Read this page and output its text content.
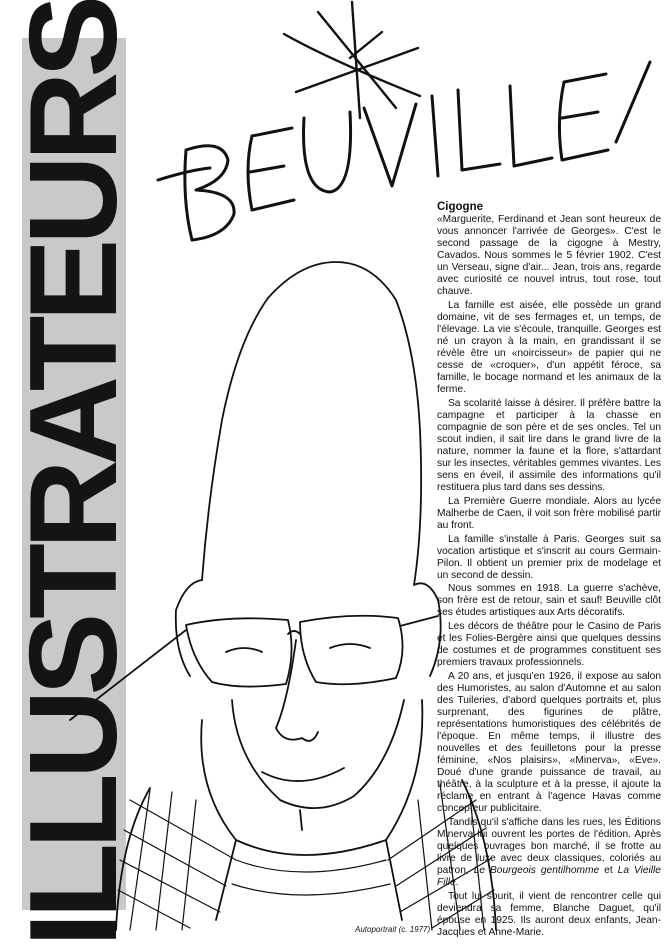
ILLUSTRATEURS	Cigogne

«Marguerite, Ferdinand et Jean sont heureux de vous annoncer l'arrivée de Georges». C'est le second passage de la cigogne à Mestry, Cavados. Nous sommes le 5 février 1902. C'est un Verseau, signe d'air... Jean, trois ans, regarde avec curiosité ce nouvel intrus, tout rose, tout chauve.

La famille est aisée, elle possède un grand domaine, vit de ses fermages et, un temps, de l'élevage. La vie s'écoule, tranquille. Georges est né un crayon à la main, en grandissant il se révèle être un «noircisseur» de papier qui ne cesse de «croquer», d'un appétit féroce, sa famille, le bocage normand et les animaux de la ferme.

Sa scolarité laisse à désirer. Il préfère battre la campagne et participer à la chasse en compagnie de son père et de ses oncles. Tel un scout indien, il sait lire dans le grand livre de la nature, nommer la faune et la flore, s'attardant sur les insectes, véritables gemmes vivantes. Les sens en éveil, il assimile des informations qu'il restituera plus tard dans ses dessins.

La Première Guerre mondiale. Alors au lycée Malherbe de Caen, il voit son frère mobilisé partir au front.

La famille s'installe à Paris. Georges suit sa vocation artistique et s'inscrit au cours Germain-Pilon. Il obtient un premier prix de modelage et un second de dessin.

Nous sommes en 1918. La guerre s'achève, son frère est de retour, sain et sauf! Beuville clôt ses études artistiques aux Arts décoratifs.

Les décors de théâtre pour le Casino de Paris et les Folies-Bergère ainsi que quelques dessins de costumes et de programmes constituent ses premiers travaux professionnels.

A 20 ans, et jusqu'en 1926, il expose au salon des Humoristes, au salon d'Automne et au salon des Tuileries, d'abord quelques portraits et, plus surprenant, des figurines de plâtre, représentations humoristiques des célébrités de l'époque. En même temps, il illustre des nouvelles et des feuilletons pour la presse féminine, «Nos plaisirs», «Minerva», «Eve». Doué d'une grande puissance de travail, au théâtre, à la sculpture et à la presse, il ajoute la réclame en entrant à l'agence Havas comme concepteur publicitaire.

Tandis qu'il s'affiche dans les rues, les Éditions Minerva lui ouvrent les portes de l'édition. Après quelques ouvrages bon marché, il se frotte au livre de luxe avec deux classiques, coloriés au patron, Le Bourgeois gentilhomme et La Vieille Fille.

Tout lui sourit, il vient de rencontrer celle qui deviendra sa femme, Blanche Daguet, qu'il épouse en 1925. Ils auront deux enfants, Jean-Jacques et Anne-Marie.

Autoportrait (c. 1977)
